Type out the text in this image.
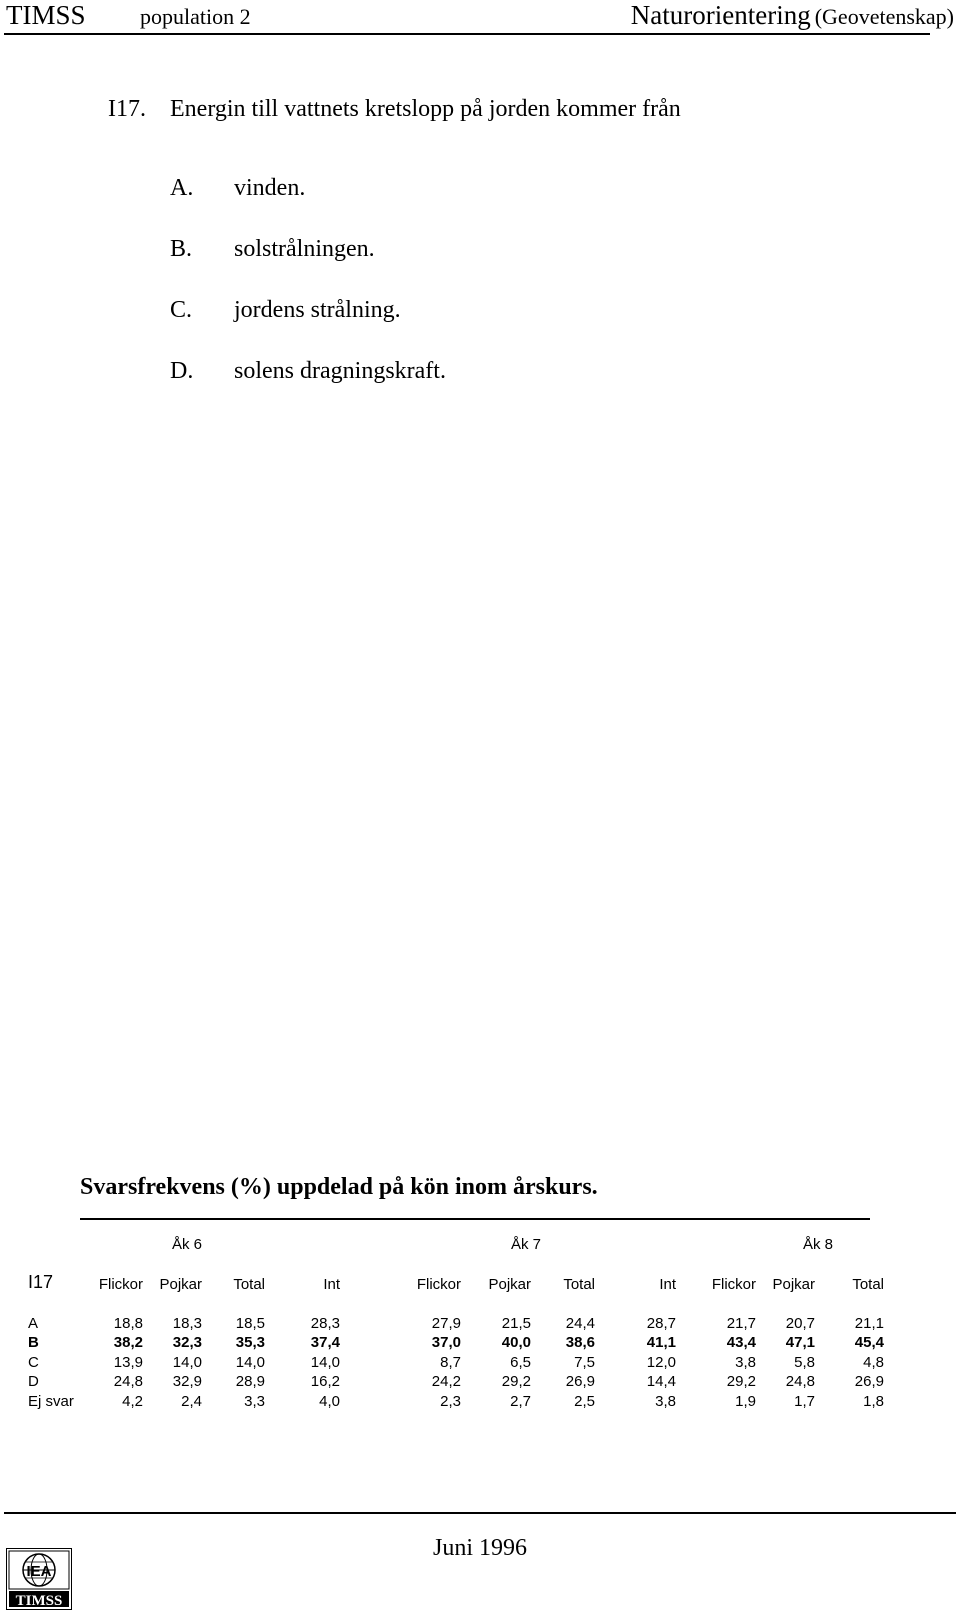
TIMSS population 2	Naturorientering (Geovetenskap)
I17. Energin till vattnets kretslopp på jorden kommer från
A. vinden.
B. solstrålningen.
C. jordens strålning.
D. solens dragningskraft.
Svarsfrekvens (%) uppdelad på kön inom årskurs.
Åk 6	Åk 7	Åk 8
I17	Flickor Pojkar Total	Int	Flickor Pojkar Total	Int Flickor Pojkar Total
A	18,8 18,3 18,5	28,3	27,9	21,5 24,4	28,7	21,7 20,7	21,1
B	38,2 32,3 35,3	37,4	37,0	40,0 38,6	41,1	43,4 47,1	45,4
C	13,9 14,0 14,0	14,0	8,7	6,5	7,5	12,0	3,8	5,8	4,8
D	24,8 32,9 28,9	16,2	24,2	29,2 26,9	14,4	29,2 24,8	26,9
Ej svar	4,2	2,4	3,3	4,0	2,3	2,7	2,5	3,8	1,9	1,7	1,8
Juni 1996
IEA
TIMSS
